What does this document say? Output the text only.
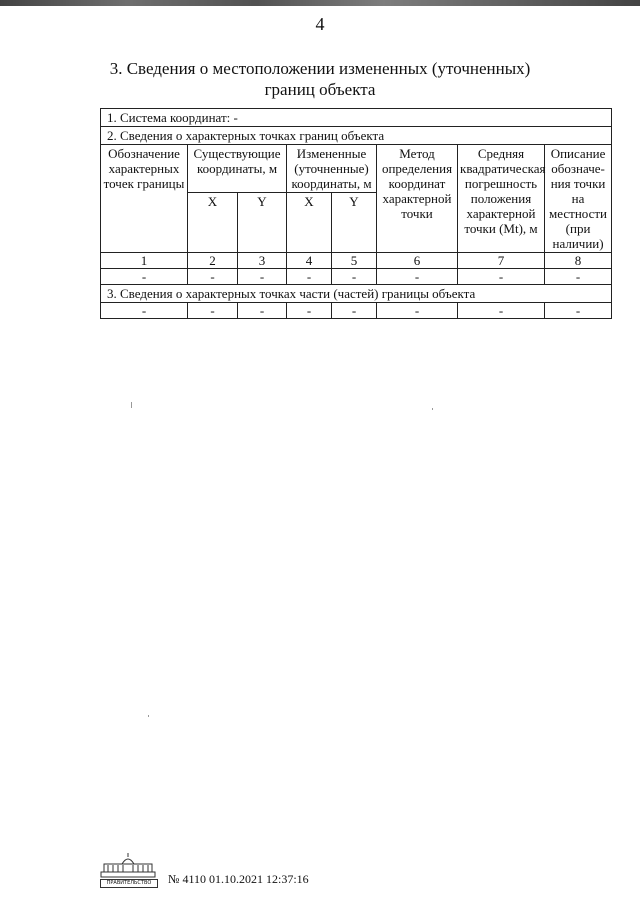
4
3. Сведения о местоположении измененных (уточненных)
границ объекта
1. Система координат: -							
2. Сведения о характерных точках границ объекта							
Обозначение характерных точек границы	Существующие координаты, м		Измененные (уточненные) координаты, м		Метод определения координат характерной точки	Средняя квадратическая погрешность положения характерной точки (Mt), м	Описание обозначе-ния точки на местности (при наличии)
	X	Y	X	Y			
1	2	3	4	5	6	7	8
-	-	-	-	-	-	-	-
3. Сведения о характерных точках части (частей) границы объекта							
-	-	-	-	-	-	-	-
ПРАВИТЕЛЬСТВО	№ 4110 01.10.2021 12:37:16
